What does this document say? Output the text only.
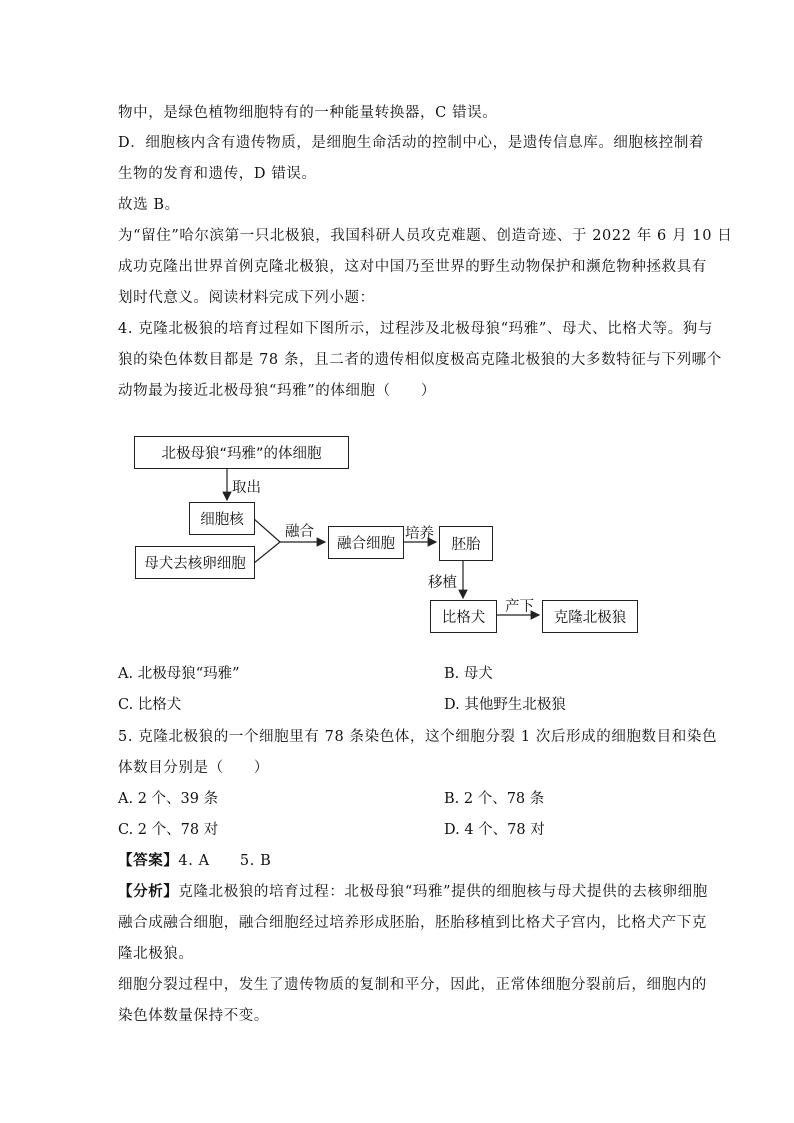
物中，是绿色植物细胞特有的一种能量转换器，C 错误。
D．细胞核内含有遗传物质，是细胞生命活动的控制中心，是遗传信息库。细胞核控制着
生物的发育和遗传，D 错误。
故选 B。
为“留住”哈尔滨第一只北极狼，我国科研人员攻克难题、创造奇迹、于 2022 年 6 月 10 日
成功克隆出世界首例克隆北极狼，这对中国乃至世界的野生动物保护和濒危物种拯救具有
划时代意义。阅读材料完成下列小题：
4. 克隆北极狼的培育过程如下图所示，过程涉及北极母狼“玛雅”、母犬、比格犬等。狗与
狼的染色体数目都是 78 条，且二者的遗传相似度极高克隆北极狼的大多数特征与下列哪个
动物最为接近北极母狼“玛雅”的体细胞（　　）
北极母狼“玛雅”的体细胞
细胞核
母犬去核卵细胞
融合细胞	胚胎
比格犬	克隆北极狼
取出
融合	培养
移植
产下
A. 北极母狼“玛雅”	B. 母犬
C. 比格犬	D. 其他野生北极狼
5. 克隆北极狼的一个细胞里有 78 条染色体，这个细胞分裂 1 次后形成的细胞数目和染色
体数目分别是（　　）
A. 2 个、39 条	B. 2 个、78 条
C. 2 个、78 对	D. 4 个、78 对
【答案】4. A　　5. B
【分析】克隆北极狼的培育过程：北极母狼“玛雅”提供的细胞核与母犬提供的去核卵细胞
融合成融合细胞，融合细胞经过培养形成胚胎，胚胎移植到比格犬子宫内，比格犬产下克
隆北极狼。
细胞分裂过程中，发生了遗传物质的复制和平分，因此，正常体细胞分裂前后，细胞内的
染色体数量保持不变。
